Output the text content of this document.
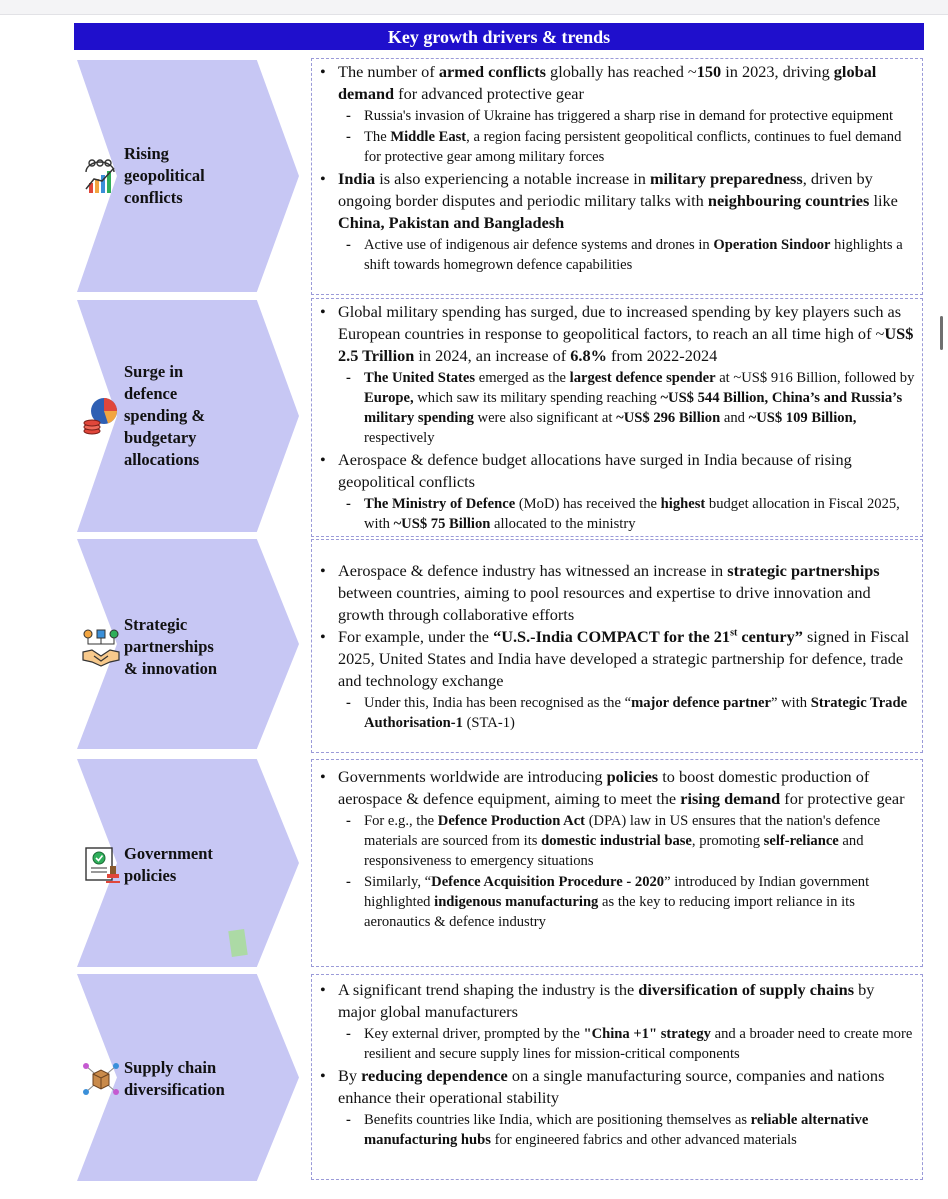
Key growth drivers & trends
Rising
geopolitical
conflicts

• The number of armed conflicts globally has reached ~150 in 2023, driving global demand for advanced protective gear

- Russia's invasion of Ukraine has triggered a sharp rise in demand for protective equipment

- The Middle East, a region facing persistent geopolitical conflicts, continues to fuel demand for protective gear among military forces

• India is also experiencing a notable increase in military preparedness, driven by ongoing border disputes and periodic military talks with neighbouring countries like China, Pakistan and Bangladesh

- Active use of indigenous air defence systems and drones in Operation Sindoor highlights a shift towards homegrown defence capabilities

Surge in
defence
spending &
budgetary
allocations

• Global military spending has surged, due to increased spending by key players such as European countries in response to geopolitical factors, to reach an all time high of ~US$ 2.5 Trillion in 2024, an increase of 6.8% from 2022-2024

- The United States emerged as the largest defence spender at ~US$ 916 Billion, followed by Europe, which saw its military spending reaching ~US$ 544 Billion, China’s and Russia’s military spending were also significant at ~US$ 296 Billion and ~US$ 109 Billion, respectively

• Aerospace & defence budget allocations have surged in India because of rising geopolitical conflicts

- The Ministry of Defence (MoD) has received the highest budget allocation in Fiscal 2025, with ~US$ 75 Billion allocated to the ministry

Strategic
partnerships
& innovation

• Aerospace & defence industry has witnessed an increase in strategic partnerships between countries, aiming to pool resources and expertise to drive innovation and growth through collaborative efforts

• For example, under the “U.S.-India COMPACT for the 21st century” signed in Fiscal 2025, United States and India have developed a strategic partnership for defence, trade and technology exchange

- Under this, India has been recognised as the “major defence partner” with Strategic Trade Authorisation-1 (STA-1)

Government
policies

• Governments worldwide are introducing policies to boost domestic production of aerospace & defence equipment, aiming to meet the rising demand for protective gear

- For e.g., the Defence Production Act (DPA) law in US ensures that the nation's defence materials are sourced from its domestic industrial base, promoting self-reliance and responsiveness to emergency situations

- Similarly, “Defence Acquisition Procedure - 2020” introduced by Indian government highlighted indigenous manufacturing as the key to reducing import reliance in its aeronautics & defence industry

Supply chain
diversification

• A significant trend shaping the industry is the diversification of supply chains by major global manufacturers

- Key external driver, prompted by the "China +1" strategy and a broader need to create more resilient and secure supply lines for mission-critical components

• By reducing dependence on a single manufacturing source, companies and nations enhance their operational stability

- Benefits countries like India, which are positioning themselves as reliable alternative manufacturing hubs for engineered fabrics and other advanced materials
